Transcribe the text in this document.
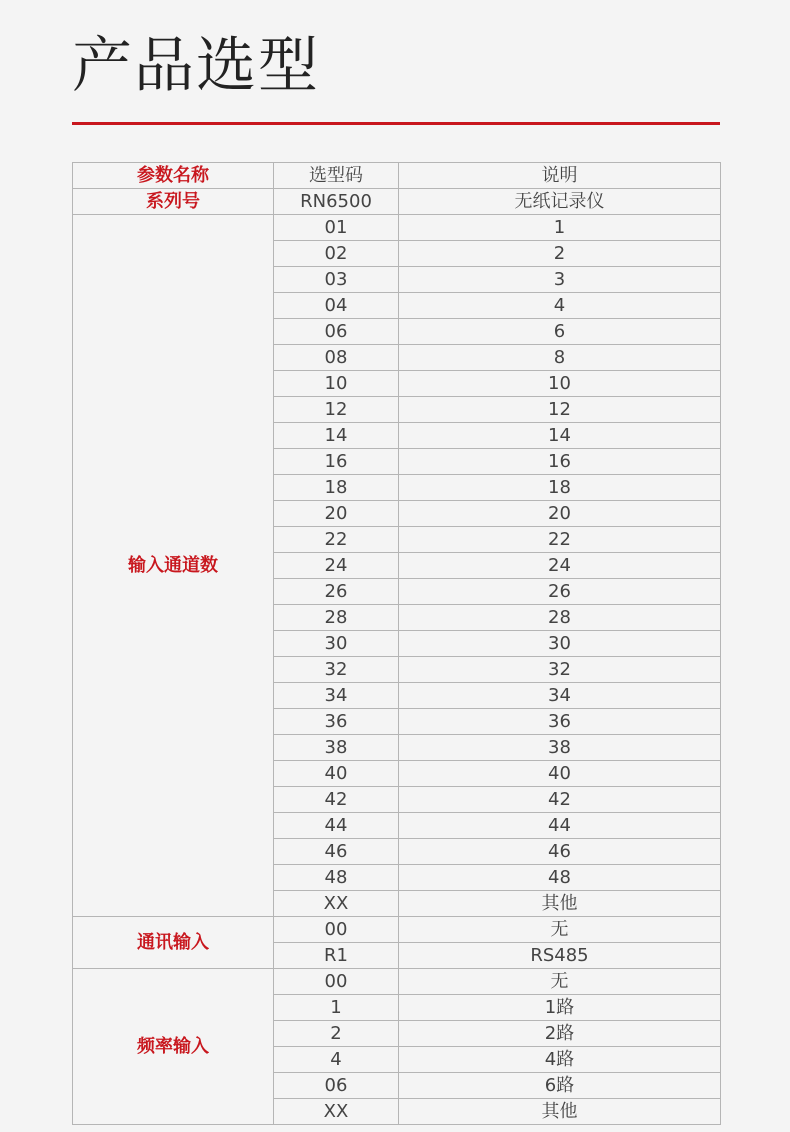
产品选型
参数名称	选型码	说明
系列号	RN6500	无纸记录仪
输入通道数	01	1
	02	2
	03	3
	04	4
	06	6
	08	8
	10	10
	12	12
	14	14
	16	16
	18	18
	20	20
	22	22
	24	24
	26	26
	28	28
	30	30
	32	32
	34	34
	36	36
	38	38
	40	40
	42	42
	44	44
	46	46
	48	48
	XX	其他
通讯输入	00	无
	R1	RS485
频率输入	00	无
	1	1路
	2	2路
	4	4路
	06	6路
	XX	其他
